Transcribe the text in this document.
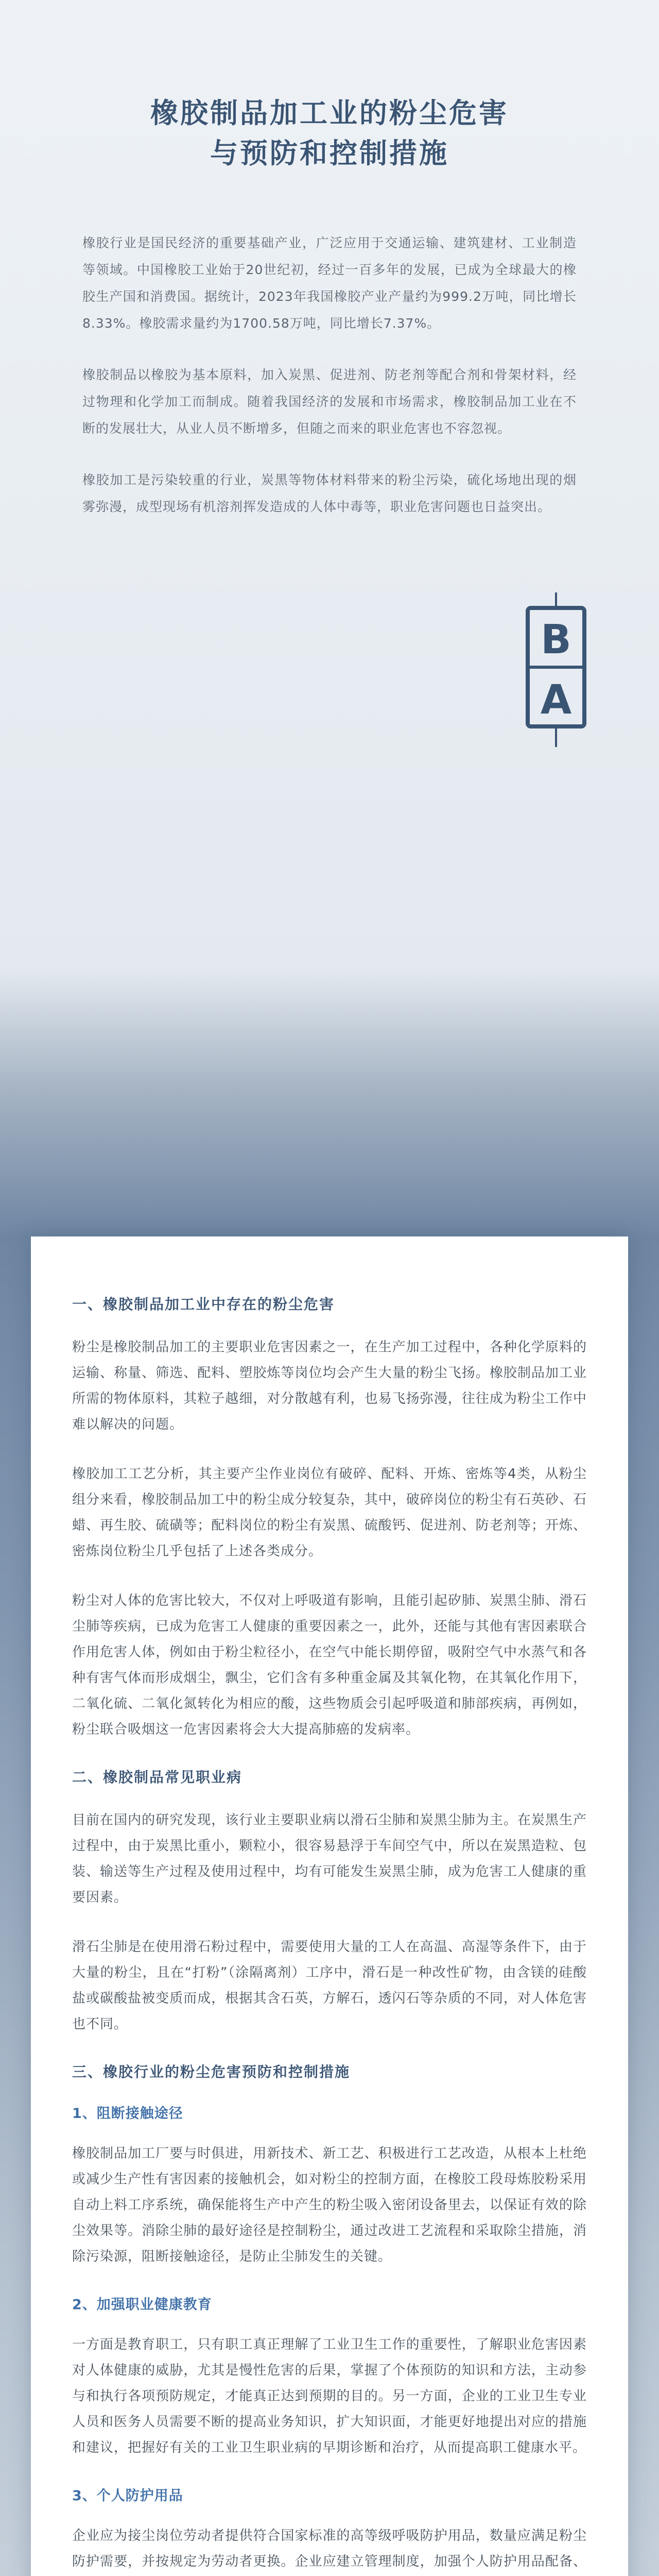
橡胶制品加工业的粉尘危害
与预防和控制措施

橡胶行业是国民经济的重要基础产业，广泛应用于交通运输、建筑建材、工业制造等领域。中国橡胶工业始于20世纪初，经过一百多年的发展，已成为全球最大的橡胶生产国和消费国。据统计，2023年我国橡胶产业产量约为999.2万吨，同比增长8.33%。橡胶需求量约为1700.58万吨，同比增长7.37%。

橡胶制品以橡胶为基本原料，加入炭黑、促进剂、防老剂等配合剂和骨架材料，经过物理和化学加工而制成。随着我国经济的发展和市场需求，橡胶制品加工业在不断的发展壮大，从业人员不断增多，但随之而来的职业危害也不容忽视。

橡胶加工是污染较重的行业，炭黑等物体材料带来的粉尘污染，硫化场地出现的烟雾弥漫，成型现场有机溶剂挥发造成的人体中毒等，职业危害问题也日益突出。

B
A
一、橡胶制品加工业中存在的粉尘危害

粉尘是橡胶制品加工的主要职业危害因素之一，在生产加工过程中，各种化学原料的运输、称量、筛选、配料、塑胶炼等岗位均会产生大量的粉尘飞扬。橡胶制品加工业所需的物体原料，其粒子越细，对分散越有利，也易飞扬弥漫，往往成为粉尘工作中难以解决的问题。

橡胶加工工艺分析，其主要产尘作业岗位有破碎、配料、开炼、密炼等4类，从粉尘组分来看，橡胶制品加工中的粉尘成分较复杂，其中，破碎岗位的粉尘有石英砂、石蜡、再生胶、硫磺等；配料岗位的粉尘有炭黑、硫酸钙、促进剂、防老剂等；开炼、密炼岗位粉尘几乎包括了上述各类成分。

粉尘对人体的危害比较大，不仅对上呼吸道有影响，且能引起矽肺、炭黑尘肺、滑石尘肺等疾病，已成为危害工人健康的重要因素之一，此外，还能与其他有害因素联合作用危害人体，例如由于粉尘粒径小，在空气中能长期停留，吸附空气中水蒸气和各种有害气体而形成烟尘，飘尘，它们含有多种重金属及其氧化物，在其氧化作用下，二氧化硫、二氧化氮转化为相应的酸，这些物质会引起呼吸道和肺部疾病，再例如，粉尘联合吸烟这一危害因素将会大大提高肺癌的发病率。

二、橡胶制品常见职业病

目前在国内的研究发现，该行业主要职业病以滑石尘肺和炭黑尘肺为主。在炭黑生产过程中，由于炭黑比重小，颗粒小，很容易悬浮于车间空气中，所以在炭黑造粒、包装、输送等生产过程及使用过程中，均有可能发生炭黑尘肺，成为危害工人健康的重要因素。

滑石尘肺是在使用滑石粉过程中，需要使用大量的工人在高温、高湿等条件下，由于大量的粉尘，且在“打粉”（涂隔离剂）工序中，滑石是一种改性矿物，由含镁的硅酸盐或碳酸盐被变质而成，根据其含石英，方解石，透闪石等杂质的不同，对人体危害也不同。

三、橡胶行业的粉尘危害预防和控制措施
1、阻断接触途径

橡胶制品加工厂要与时俱进，用新技术、新工艺、积极进行工艺改造，从根本上杜绝或减少生产性有害因素的接触机会，如对粉尘的控制方面，在橡胶工段母炼胶粉采用自动上料工序系统，确保能将生产中产生的粉尘吸入密闭设备里去，以保证有效的除尘效果等。消除尘肺的最好途径是控制粉尘，通过改进工艺流程和采取除尘措施，消除污染源，阻断接触途径，是防止尘肺发生的关键。

2、加强职业健康教育

一方面是教育职工，只有职工真正理解了工业卫生工作的重要性，了解职业危害因素对人体健康的威胁，尤其是慢性危害的后果，掌握了个体预防的知识和方法，主动参与和执行各项预防规定，才能真正达到预期的目的。另一方面，企业的工业卫生专业人员和医务人员需要不断的提高业务知识，扩大知识面，才能更好地提出对应的措施和建议，把握好有关的工业卫生职业病的早期诊断和治疗，从而提高职工健康水平。

3、个人防护用品

企业应为接尘岗位劳动者提供符合国家标准的高等级呼吸防护用品，数量应满足粉尘防护需要，并按规定为劳动者更换。企业应建立管理制度，加强个人防护用品配备、
